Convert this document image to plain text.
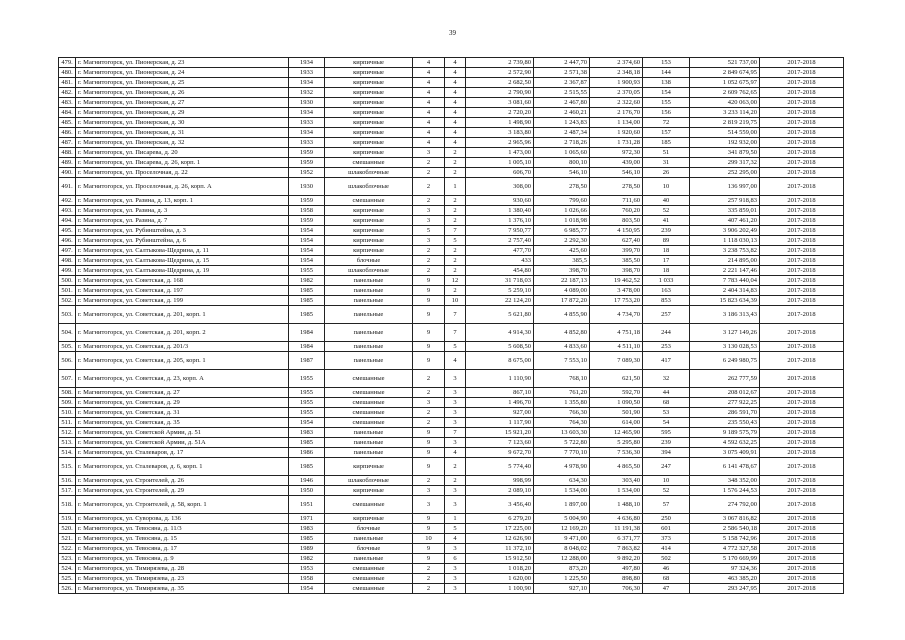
39
479.	г. Магнитогорск, ул. Пионерская, д. 23	1934	кирпичные	4	4	2 739,80	2 447,70	2 374,60	153	521 737,00	2017-2018
480.	г. Магнитогорск, ул. Пионерская, д. 24	1933	кирпичные	4	4	2 572,90	2 571,38	2 348,18	144	2 849 674,95	2017-2018
481.	г. Магнитогорск, ул. Пионерская, д. 25	1934	кирпичные	4	4	2 682,50	2 367,87	1 900,93	138	1 052 675,97	2017-2018
482.	г. Магнитогорск, ул. Пионерская, д. 26	1932	кирпичные	4	4	2 790,90	2 515,55	2 370,05	154	2 609 762,65	2017-2018
483.	г. Магнитогорск, ул. Пионерская, д. 27	1930	кирпичные	4	4	3 081,60	2 467,80	2 322,60	155	420 063,00	2017-2018
484.	г. Магнитогорск, ул. Пионерская, д. 29	1934	кирпичные	4	4	2 720,20	2 460,21	2 176,70	156	3 233 114,20	2017-2018
485.	г. Магнитогорск, ул. Пионерская, д. 30	1933	кирпичные	4	4	1 498,90	1 243,83	1 134,00	72	2 819 219,75	2017-2018
486.	г. Магнитогорск, ул. Пионерская, д. 31	1934	кирпичные	4	4	3 183,80	2 487,34	1 920,60	157	514 559,00	2017-2018
487.	г. Магнитогорск, ул. Пионерская, д. 32	1933	кирпичные	4	4	2 965,96	2 718,26	1 731,28	185	192 932,00	2017-2018
488.	г. Магнитогорск, ул. Писарева, д. 20	1959	кирпичные	3	2	1 473,00	1 065,60	972,30	51	341 879,50	2017-2018
489.	г. Магнитогорск, ул. Писарева, д. 26, корп. 1	1959	смешанные	2	2	1 005,10	800,10	439,00	31	299 317,32	2017-2018
490.	г. Магнитогорск, ул. Проселочная, д. 22	1952	шлакоблочные	2	2	606,70	546,10	546,10	26	252 295,00	2017-2018
491.	г. Магнитогорск, ул. Проселочная, д. 26, корп. А	1930	шлакоблочные	2	1	308,00	278,50	278,50	10	136 997,00	2017-2018
492.	г. Магнитогорск, ул. Разина, д. 13, корп. 1	1959	смешанные	2	2	930,60	799,60	711,60	40	257 918,83	2017-2018
493.	г. Магнитогорск, ул. Разина, д. 3	1958	кирпичные	3	2	1 380,40	1 026,66	760,20	52	335 859,01	2017-2018
494.	г. Магнитогорск, ул. Разина, д. 7	1959	кирпичные	3	2	1 376,10	1 018,98	803,50	41	407 461,20	2017-2018
495.	г. Магнитогорск, ул. Рубинштейна, д. 3	1954	кирпичные	5	7	7 950,77	6 985,77	4 150,95	239	3 906 202,49	2017-2018
496.	г. Магнитогорск, ул. Рубинштейна, д. 6	1954	кирпичные	3	5	2 757,40	2 292,30	627,40	89	1 118 030,13	2017-2018
497.	г. Магнитогорск, ул. Салтыкова-Щедрина, д. 11	1954	кирпичные	2	2	477,70	425,60	399,70	18	3 238 753,82	2017-2018
498.	г. Магнитогорск, ул. Салтыкова-Щедрина, д. 15	1954	блочные	2	2	433	385,5	385,50	17	214 895,00	2017-2018
499.	г. Магнитогорск, ул. Салтыкова-Щедрина, д. 19	1955	шлакоблочные	2	2	454,80	398,70	398,70	18	2 221 147,46	2017-2018
500.	г. Магнитогорск, ул. Советская, д. 168	1982	панельные	9	12	31 718,03	22 187,13	19 462,52	1 033	7 783 440,04	2017-2018
501.	г. Магнитогорск, ул. Советская, д. 197	1985	панельные	9	2	5 259,10	4 089,00	3 478,00	163	2 404 314,83	2017-2018
502.	г. Магнитогорск, ул. Советская, д. 199	1985	панельные	9	10	22 124,20	17 872,20	17 753,20	853	15 823 634,39	2017-2018
503.	г. Магнитогорск, ул. Советская, д. 201, корп. 1	1985	панельные	9	7	5 621,80	4 855,90	4 734,70	257	3 186 313,43	2017-2018
504.	г. Магнитогорск, ул. Советская, д. 201, корп. 2	1984	панельные	9	7	4 914,30	4 852,80	4 751,18	244	3 127 149,26	2017-2018
505.	г. Магнитогорск, ул. Советская, д. 201/3	1984	панельные	9	5	5 608,50	4 833,60	4 511,10	253	3 130 028,53	2017-2018
506.	г. Магнитогорск, ул. Советская, д. 205, корп. 1	1987	панельные	9	4	8 675,00	7 553,10	7 089,30	417	6 249 980,75	2017-2018
507.	г. Магнитогорск, ул. Советская, д. 23, корп. А	1955	смешанные	2	3	1 110,90	768,10	621,50	32	262 777,59	2017-2018
508.	г. Магнитогорск, ул. Советская, д. 27	1955	смешанные	2	3	867,10	761,20	592,70	44	208 012,67	2017-2018
509.	г. Магнитогорск, ул. Советская, д. 29	1955	смешанные	3	3	1 496,70	1 355,80	1 090,50	68	277 922,25	2017-2018
510.	г. Магнитогорск, ул. Советская, д. 31	1955	смешанные	2	3	927,00	766,30	501,90	53	286 591,70	2017-2018
511.	г. Магнитогорск, ул. Советская, д. 35	1954	смешанные	2	3	1 117,90	764,30	614,00	54	235 550,43	2017-2018
512.	г. Магнитогорск, ул. Советской Армии, д. 51	1983	панельные	9	7	15 921,20	13 603,30	12 465,90	595	9 189 575,79	2017-2018
513.	г. Магнитогорск, ул. Советской Армии, д. 51А	1985	панельные	9	3	7 123,60	5 722,80	5 295,80	239	4 592 632,25	2017-2018
514.	г. Магнитогорск, ул. Сталеваров, д. 17	1986	панельные	9	4	9 672,70	7 770,10	7 536,30	394	3 075 409,91	2017-2018
515.	г. Магнитогорск, ул. Сталеваров, д. 6, корп. 1	1985	кирпичные	9	2	5 774,40	4 978,90	4 865,50	247	6 141 478,67	2017-2018
516.	г. Магнитогорск, ул. Строителей, д. 26	1946	шлакоблочные	2	2	998,99	634,30	303,40	10	348 352,00	2017-2018
517.	г. Магнитогорск, ул. Строителей, д. 29	1950	кирпичные	3	3	2 089,10	1 534,00	1 534,00	52	1 576 244,53	2017-2018
518.	г. Магнитогорск, ул. Строителей, д. 58, корп. 1	1951	смешанные	3	3	3 456,40	1 897,00	1 488,10	57	274 792,00	2017-2018
519.	г. Магнитогорск, ул. Суворова, д. 136	1971	кирпичные	9	1	6 279,20	5 004,90	4 636,80	250	3 067 816,82	2017-2018
520.	г. Магнитогорск, ул. Тевосяна, д. 11/3	1983	блочные	9	5	17 225,00	12 169,20	11 191,38	601	2 586 540,18	2017-2018
521.	г. Магнитогорск, ул. Тевосяна, д. 15	1985	панельные	10	4	12 626,90	9 471,00	6 371,77	373	5 158 742,96	2017-2018
522.	г. Магнитогорск, ул. Тевосяна, д. 17	1989	блочные	9	3	11 372,10	8 048,02	7 863,82	414	4 772 327,58	2017-2018
523.	г. Магнитогорск, ул. Тевосяна, д. 9	1982	панельные	9	6	15 912,50	12 288,00	9 892,20	502	5 170 669,99	2017-2018
524.	г. Магнитогорск, ул. Тимирязева, д. 28	1953	смешанные	2	3	1 018,20	873,20	497,80	46	97 324,36	2017-2018
525.	г. Магнитогорск, ул. Тимирязева, д. 23	1958	смешанные	2	3	1 620,00	1 225,50	898,80	68	463 385,20	2017-2018
526.	г. Магнитогорск, ул. Тимирязева, д. 35	1954	смешанные	2	3	1 100,90	927,10	706,30	47	293 247,95	2017-2018
